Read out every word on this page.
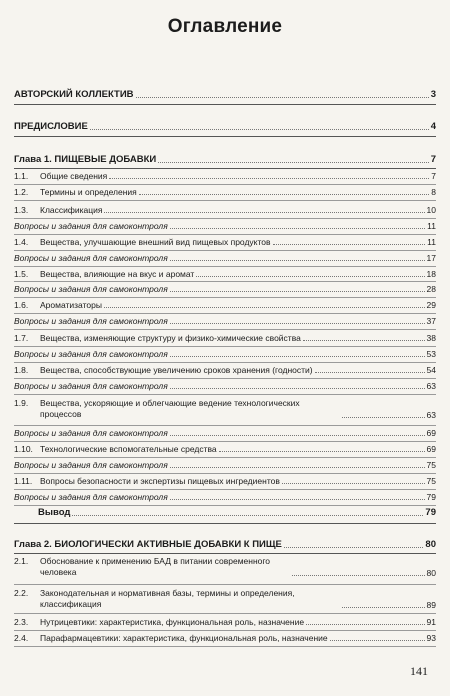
Оглавление
АВТОРСКИЙ КОЛЛЕКТИВ	3
ПРЕДИСЛОВИЕ	4
Глава 1. ПИЩЕВЫЕ ДОБАВКИ	7
1.1.	Общие сведения	7
1.2.	Термины и определения	8
1.3.	Классификация	10
Вопросы и задания для самоконтроля	11
1.4.	Вещества, улучшающие внешний вид пищевых продуктов	11
Вопросы и задания для самоконтроля	17
1.5.	Вещества, влияющие на вкус и аромат	18
Вопросы и задания для самоконтроля	28
1.6.	Ароматизаторы	29
Вопросы и задания для самоконтроля	37
1.7.	Вещества, изменяющие структуру и физико-химические свойства	38
Вопросы и задания для самоконтроля	53
1.8.	Вещества, способствующие увеличению сроков хранения (годности)	54
Вопросы и задания для самоконтроля	63
1.9.	Вещества, ускоряющие и облегчающие ведение технологических процессов	63
Вопросы и задания для самоконтроля	69
1.10. Технологические вспомогательные средства	69
Вопросы и задания для самоконтроля	75
1.11. Вопросы безопасности и экспертизы пищевых ингредиентов	75
Вопросы и задания для самоконтроля	79
Вывод	79
Глава 2. БИОЛОГИЧЕСКИ АКТИВНЫЕ ДОБАВКИ К ПИЩЕ	80
2.1.	Обоснование к применению БАД в питании современного человека	80
2.2.	Законодательная и нормативная базы, термины и определения, классификация	89
2.3.	Нутрицевтики: характеристика, функциональная роль, назначение	91
2.4.	Парафармацевтики: характеристика, функциональная роль, назначение	93
141
